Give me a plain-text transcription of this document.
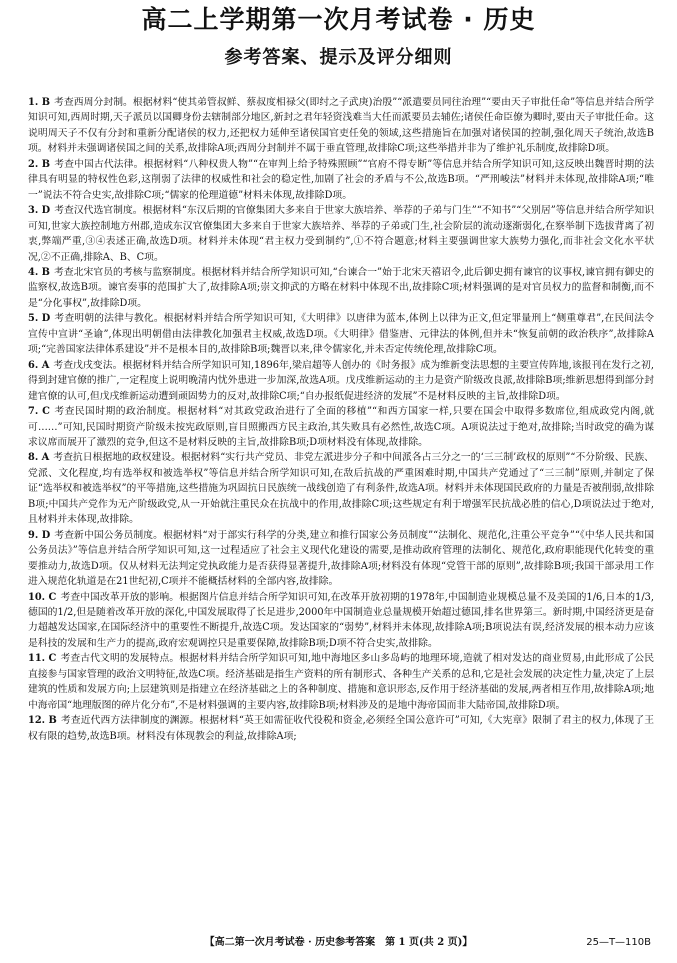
高二上学期第一次月考试卷 · 历史
参考答案、提示及评分细则

1. B 考查西周分封制。根据材料“使其弟管叔鲜、蔡叔度相禄父(即纣之子武庚)治殷”“派遣要员同往治理”“要由天子审批任命”等信息并结合所学知识可知,西周时期,天子派员以国卿身份去辖制部分地区,新封之君年轻资浅难当大任而派要员去辅佐;诸侯任命臣僚为卿时,要由天子审批任命。这说明周天子不仅有分封和重新分配诸侯的权力,还把权力延伸至诸侯国官吏任免的领域,这些措施旨在加强对诸侯国的控制,强化周天子统治,故选B项。材料并未强调诸侯国之间的关系,故排除A项;西周分封制并不属于垂直管理,故排除C项;这些举措并非为了维护礼乐制度,故排除D项。

2. B 考查中国古代法律。根据材料“八种权贵人物”“在审判上给予特殊照顾”“官府不得专断”等信息并结合所学知识可知,这反映出魏晋时期的法律具有明显的特权性色彩,这削弱了法律的权威性和社会的稳定性,加剧了社会的矛盾与不公,故选B项。“严刑峻法”材料并未体现,故排除A项;“唯一”说法不符合史实,故排除C项;“儒家的伦理道德”材料未体现,故排除D项。

3. D 考查汉代选官制度。根据材料“东汉后期的官僚集团大多来自于世家大族培养、举荐的子弟与门生”“不知书”“父别居”等信息并结合所学知识可知,世家大族控制地方州郡,造成东汉官僚集团大多来自于世家大族培养、举荐的子弟或门生,社会阶层的流动逐渐弱化,在察举制下选拔背离了初衷,弊端严重,③④表述正确,故选D项。材料并未体现“君主权力受到制约”,①不符合题意;材料主要强调世家大族势力强化,而非社会文化水平状况,②不正确,排除A、B、C项。

4. B 考查北宋官员的考核与监察制度。根据材料并结合所学知识可知,“台谏合一”始于北宋天禧诏令,此后御史拥有谏官的议事权,谏官拥有御史的监察权,故选B项。谏官奏事的范围扩大了,故排除A项;崇文抑武的方略在材料中体现不出,故排除C项;材料强调的是对官员权力的监督和制衡,而不是“分化事权”,故排除D项。

5. D 考查明朝的法律与教化。根据材料并结合所学知识可知,《大明律》以唐律为蓝本,体例上以律为正文,但定罪量刑上“侧重尊君”,在民间法令宣传中宣讲“圣谕”,体现出明朝借由法律教化加强君主权威,故选D项。《大明律》借鉴唐、元律法的体例,但并未“恢复前朝的政治秩序”,故排除A项;“完善国家法律体系建设”并不是根本目的,故排除B项;魏晋以来,律令儒家化,并未否定传统伦理,故排除C项。

6. A 考查戊戌变法。根据材料并结合所学知识可知,1896年,梁启超等人创办的《时务报》成为维新变法思想的主要宣传阵地,该报刊在发行之初,得到封建官僚的推广,一定程度上说明晚清内忧外患进一步加深,故选A项。戊戌维新运动的主力是资产阶级改良派,故排除B项;维新思想得到部分封建官僚的认可,但戊戌维新运动遭到顽固势力的反对,故排除C项;“自办报纸促进经济的发展”不是材料反映的主旨,故排除D项。

7. C 考查民国时期的政治制度。根据材料“对其政党政治进行了全面的移植”“和西方国家一样,只要在国会中取得多数席位,组成政党内阁,就可……”可知,民国时期资产阶级未按宪政原则,盲目照搬西方民主政治,其失败具有必然性,故选C项。A项说法过于绝对,故排除;当时政党的确为谋求议席而展开了激烈的竞争,但这不是材料反映的主旨,故排除B项;D项材料没有体现,故排除。

8. A 考查抗日根据地的政权建设。根据材料“实行共产党员、非党左派进步分子和中间派各占三分之一的‘三三制’政权的原则”“不分阶级、民族、党派、文化程度,均有选举权和被选举权”等信息并结合所学知识可知,在敌后抗战的严重困难时期,中国共产党通过了“三三制”原则,并制定了保证“选举权和被选举权”的平等措施,这些措施为巩固抗日民族统一战线创造了有利条件,故选A项。材料并未体现国民政府的力量是否被削弱,故排除B项;中国共产党作为无产阶级政党,从一开始就注重民众在抗战中的作用,故排除C项;这些规定有利于增强军民抗战必胜的信心,D项说法过于绝对,且材料并未体现,故排除。

9. D 考查新中国公务员制度。根据材料“对于部实行科学的分类,建立和推行国家公务员制度”“法制化、规范化,注重公平竞争”“《中华人民共和国公务员法》”等信息并结合所学知识可知,这一过程适应了社会主义现代化建设的需要,是推动政府管理的法制化、规范化,政府职能现代化转变的重要推动力,故选D项。仅从材料无法判定党执政能力是否获得显著提升,故排除A项;材料没有体现“党管干部的原则”,故排除B项;我国干部录用工作进入规范化轨道是在21世纪初,C项并不能概括材料的全部内容,故排除。

10. C 考查中国改革开放的影响。根据图片信息并结合所学知识可知,在改革开放初期的1978年,中国制造业规模总量不及美国的1/6,日本的1/3,德国的1/2,但是随着改革开放的深化,中国发展取得了长足进步,2000年中国制造业总量规模开始超过德国,排名世界第三。新时期,中国经济更是奋力超越发达国家,在国际经济中的重要性不断提升,故选C项。发达国家的“弱势”,材料并未体现,故排除A项;B项说法有误,经济发展的根本动力应该是科技的发展和生产力的提高,政府宏观调控只是重要保障,故排除B项;D项不符合史实,故排除。

11. C 考查古代文明的发展特点。根据材料并结合所学知识可知,地中海地区多山多岛屿的地理环境,造就了相对发达的商业贸易,由此形成了公民直接参与国家管理的政治文明特征,故选C项。经济基础是指生产资料的所有制形式、各种生产关系的总和,它是社会发展的决定性力量,决定了上层建筑的性质和发展方向;上层建筑则是指建立在经济基础之上的各种制度、措施和意识形态,反作用于经济基础的发展,两者相互作用,故排除A项;地中海帝国“地理版图的碎片化分布”,不是材料强调的主要内容,故排除B项;材料涉及的是地中海帝国而非大陆帝国,故排除D项。

12. B 考查近代西方法律制度的渊源。根据材料“英王如需征收代役税和资金,必须经全国公意许可”可知,《大宪章》限制了君主的权力,体现了王权有限的趋势,故选B项。材料没有体现教会的利益,故排除A项;

【高二第一次月考试卷 · 历史参考答案　第 1 页(共 2 页)】	25—T—110B
